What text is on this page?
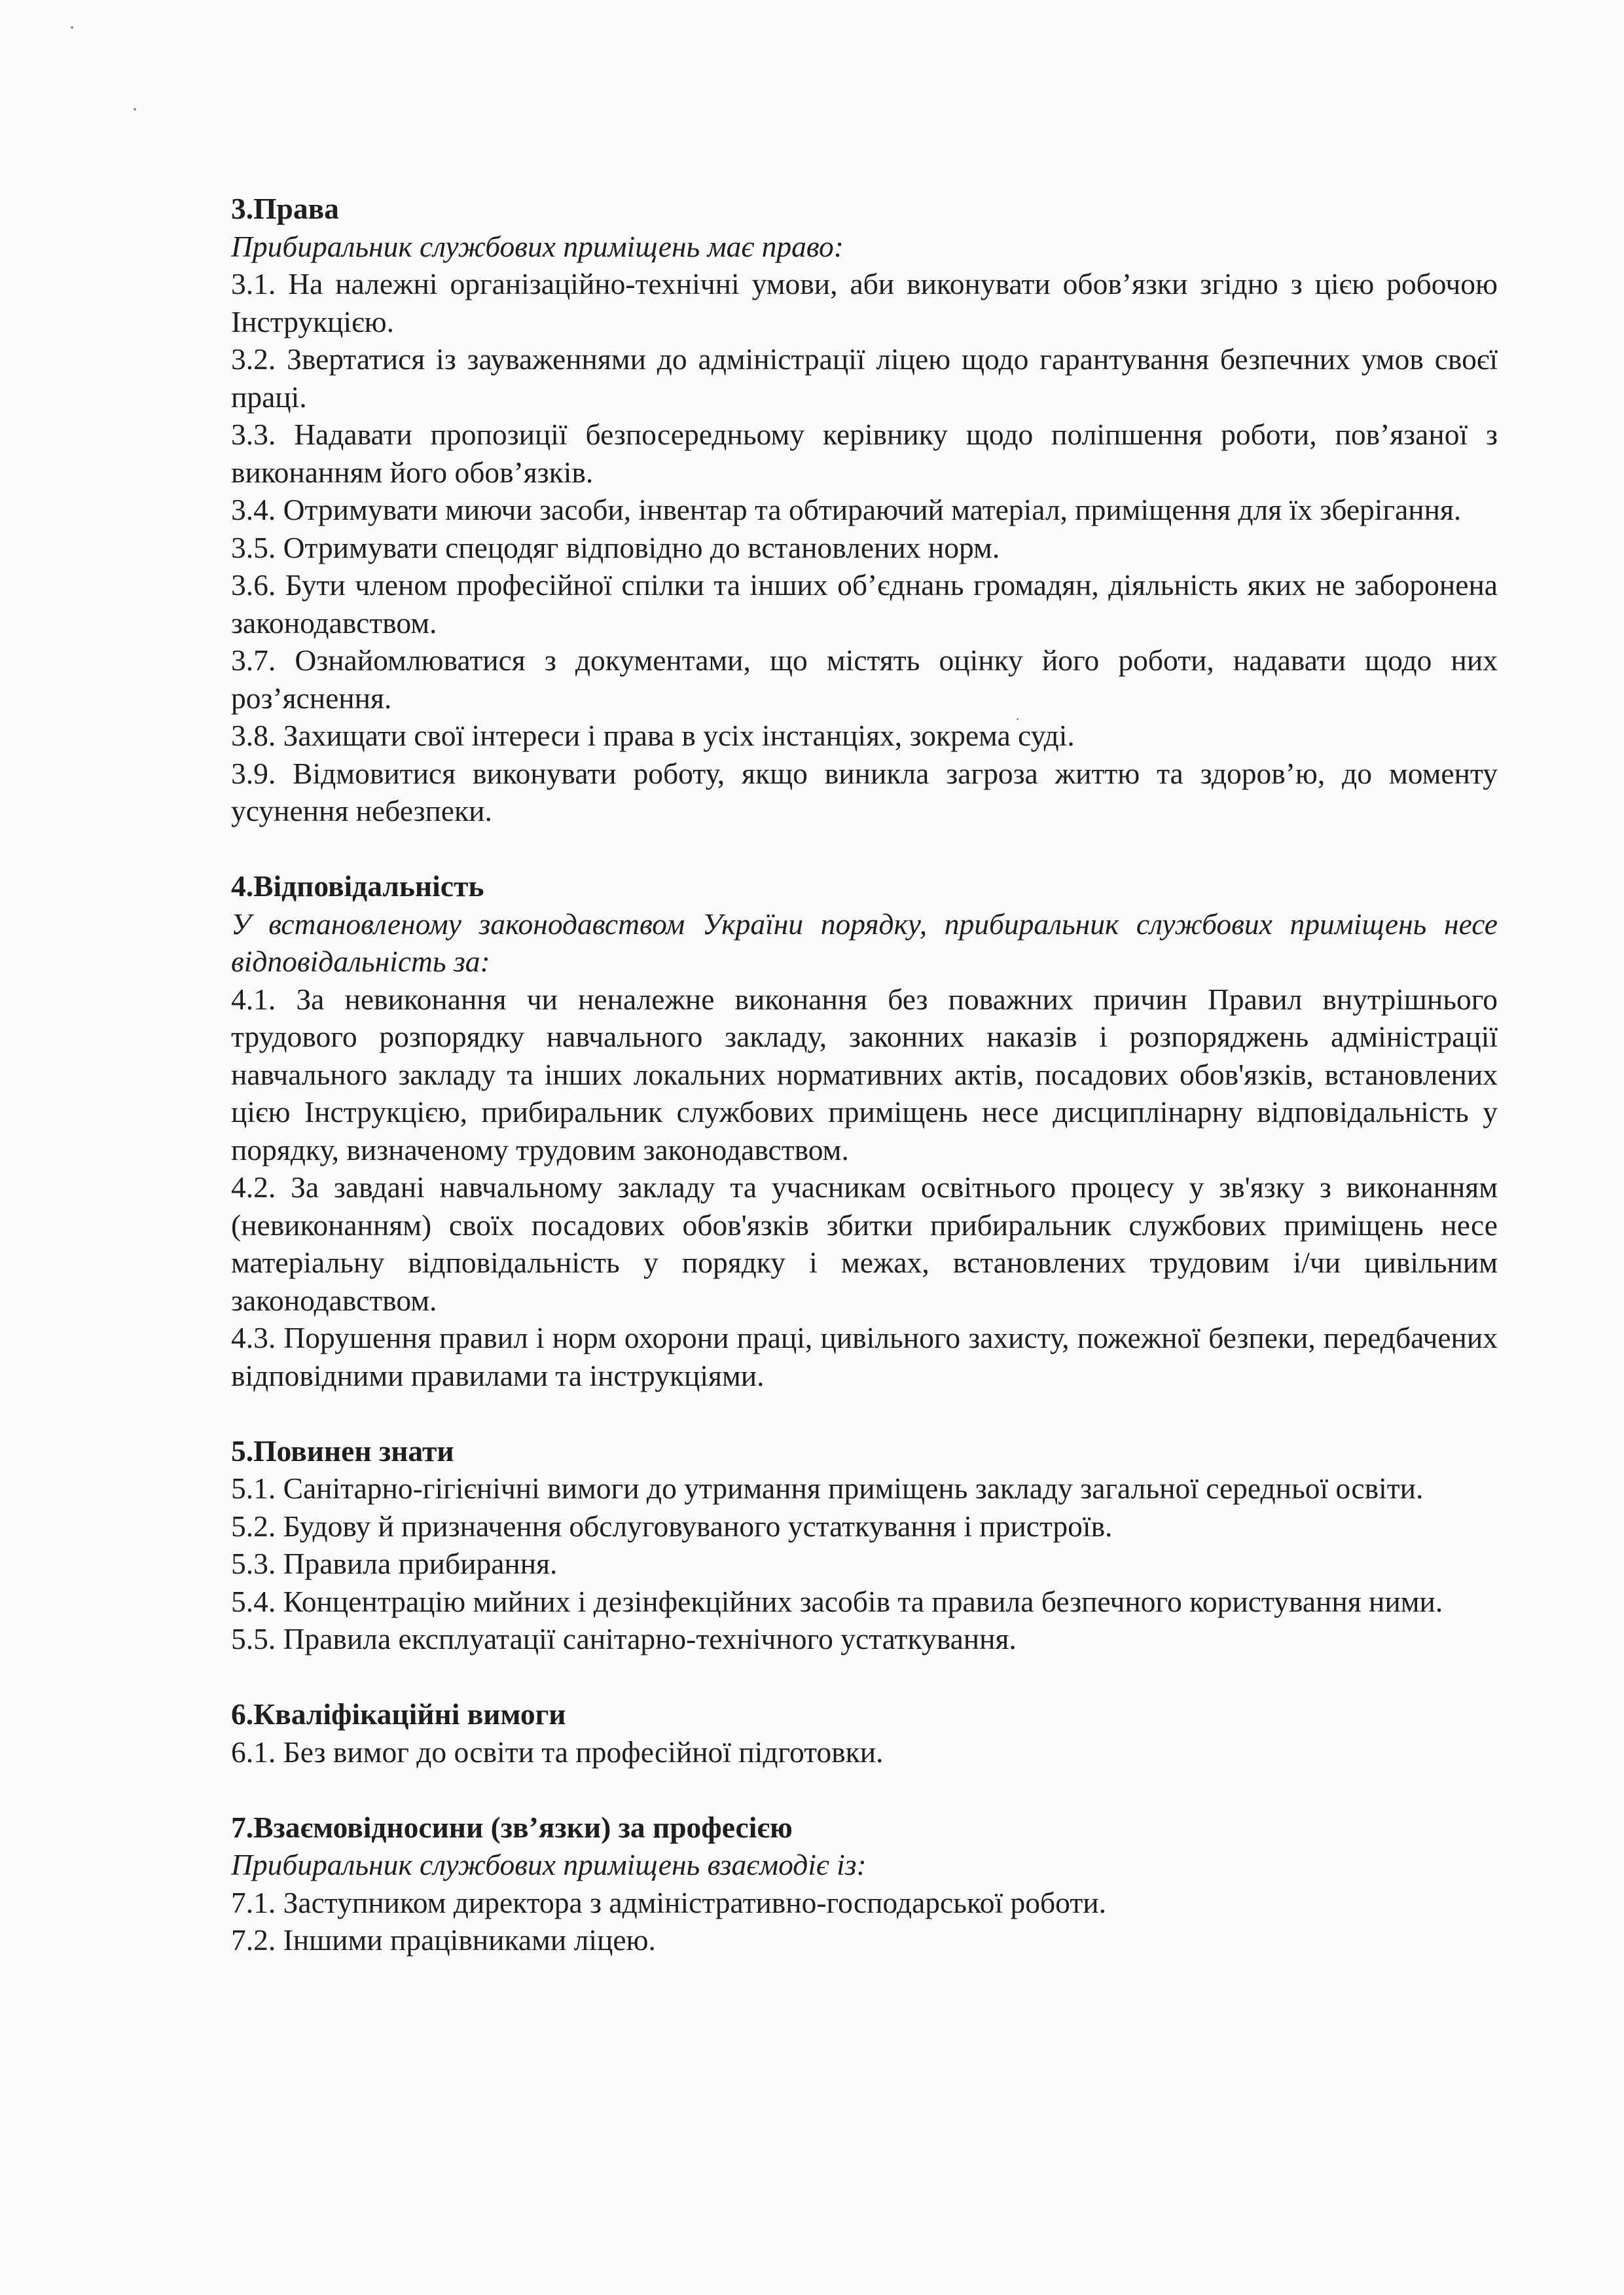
3.Права

Прибиральник службових приміщень має право:

3.1. На належні організаційно-технічні умови, аби виконувати обов’язки згідно з цією робочою Інструкцією.

3.2. Звертатися із зауваженнями до адміністрації ліцею щодо гарантування безпечних умов своєї праці.

3.3. Надавати пропозиції безпосередньому керівнику щодо поліпшення роботи, пов’язаної з виконанням його обов’язків.

3.4. Отримувати миючи засоби, інвентар та обтираючий матеріал, приміщення для їх зберігання.

3.5. Отримувати спецодяг відповідно до встановлених норм.

3.6. Бути членом професійної спілки та інших об’єднань громадян, діяльність яких не заборонена законодавством.

3.7. Ознайомлюватися з документами, що містять оцінку його роботи, надавати щодо них роз’яснення.

3.8. Захищати свої інтереси і права в усіх інстанціях, зокрема суді.

3.9. Відмовитися виконувати роботу, якщо виникла загроза життю та здоров’ю, до моменту усунення небезпеки.

4.Відповідальність

У встановленому законодавством України порядку, прибиральник службових приміщень несе відповідальність за:

4.1. За невиконання чи неналежне виконання без поважних причин Правил внутрішнього трудового розпорядку навчального закладу, законних наказів і розпоряджень адміністрації навчального закладу та інших локальних нормативних актів, посадових обов'язків, встановлених цією Інструкцією, прибиральник службових приміщень несе дисциплінарну відповідальність у порядку, визначеному трудовим законодавством.

4.2. За завдані навчальному закладу та учасникам освітнього процесу у зв'язку з виконанням (невиконанням) своїх посадових обов'язків збитки прибиральник службових приміщень несе матеріальну відповідальність у порядку і межах, встановлених трудовим і/чи цивільним законодавством.

4.3. Порушення правил і норм охорони праці, цивільного захисту, пожежної безпеки, передбачених відповідними правилами та інструкціями.

5.Повинен знати

5.1. Санітарно-гігієнічні вимоги до утримання приміщень закладу загальної середньої освіти.

5.2. Будову й призначення обслуговуваного устаткування і пристроїв.

5.3. Правила прибирання.

5.4. Концентрацію мийних і дезінфекційних засобів та правила безпечного користування ними.

5.5. Правила експлуатації санітарно-технічного устаткування.

6.Кваліфікаційні вимоги

6.1. Без вимог до освіти та професійної підготовки.

7.Взаємовідносини (зв’язки) за професією

Прибиральник службових приміщень взаємодіє із:

7.1. Заступником директора з адміністративно-господарської роботи.

7.2. Іншими працівниками ліцею.
